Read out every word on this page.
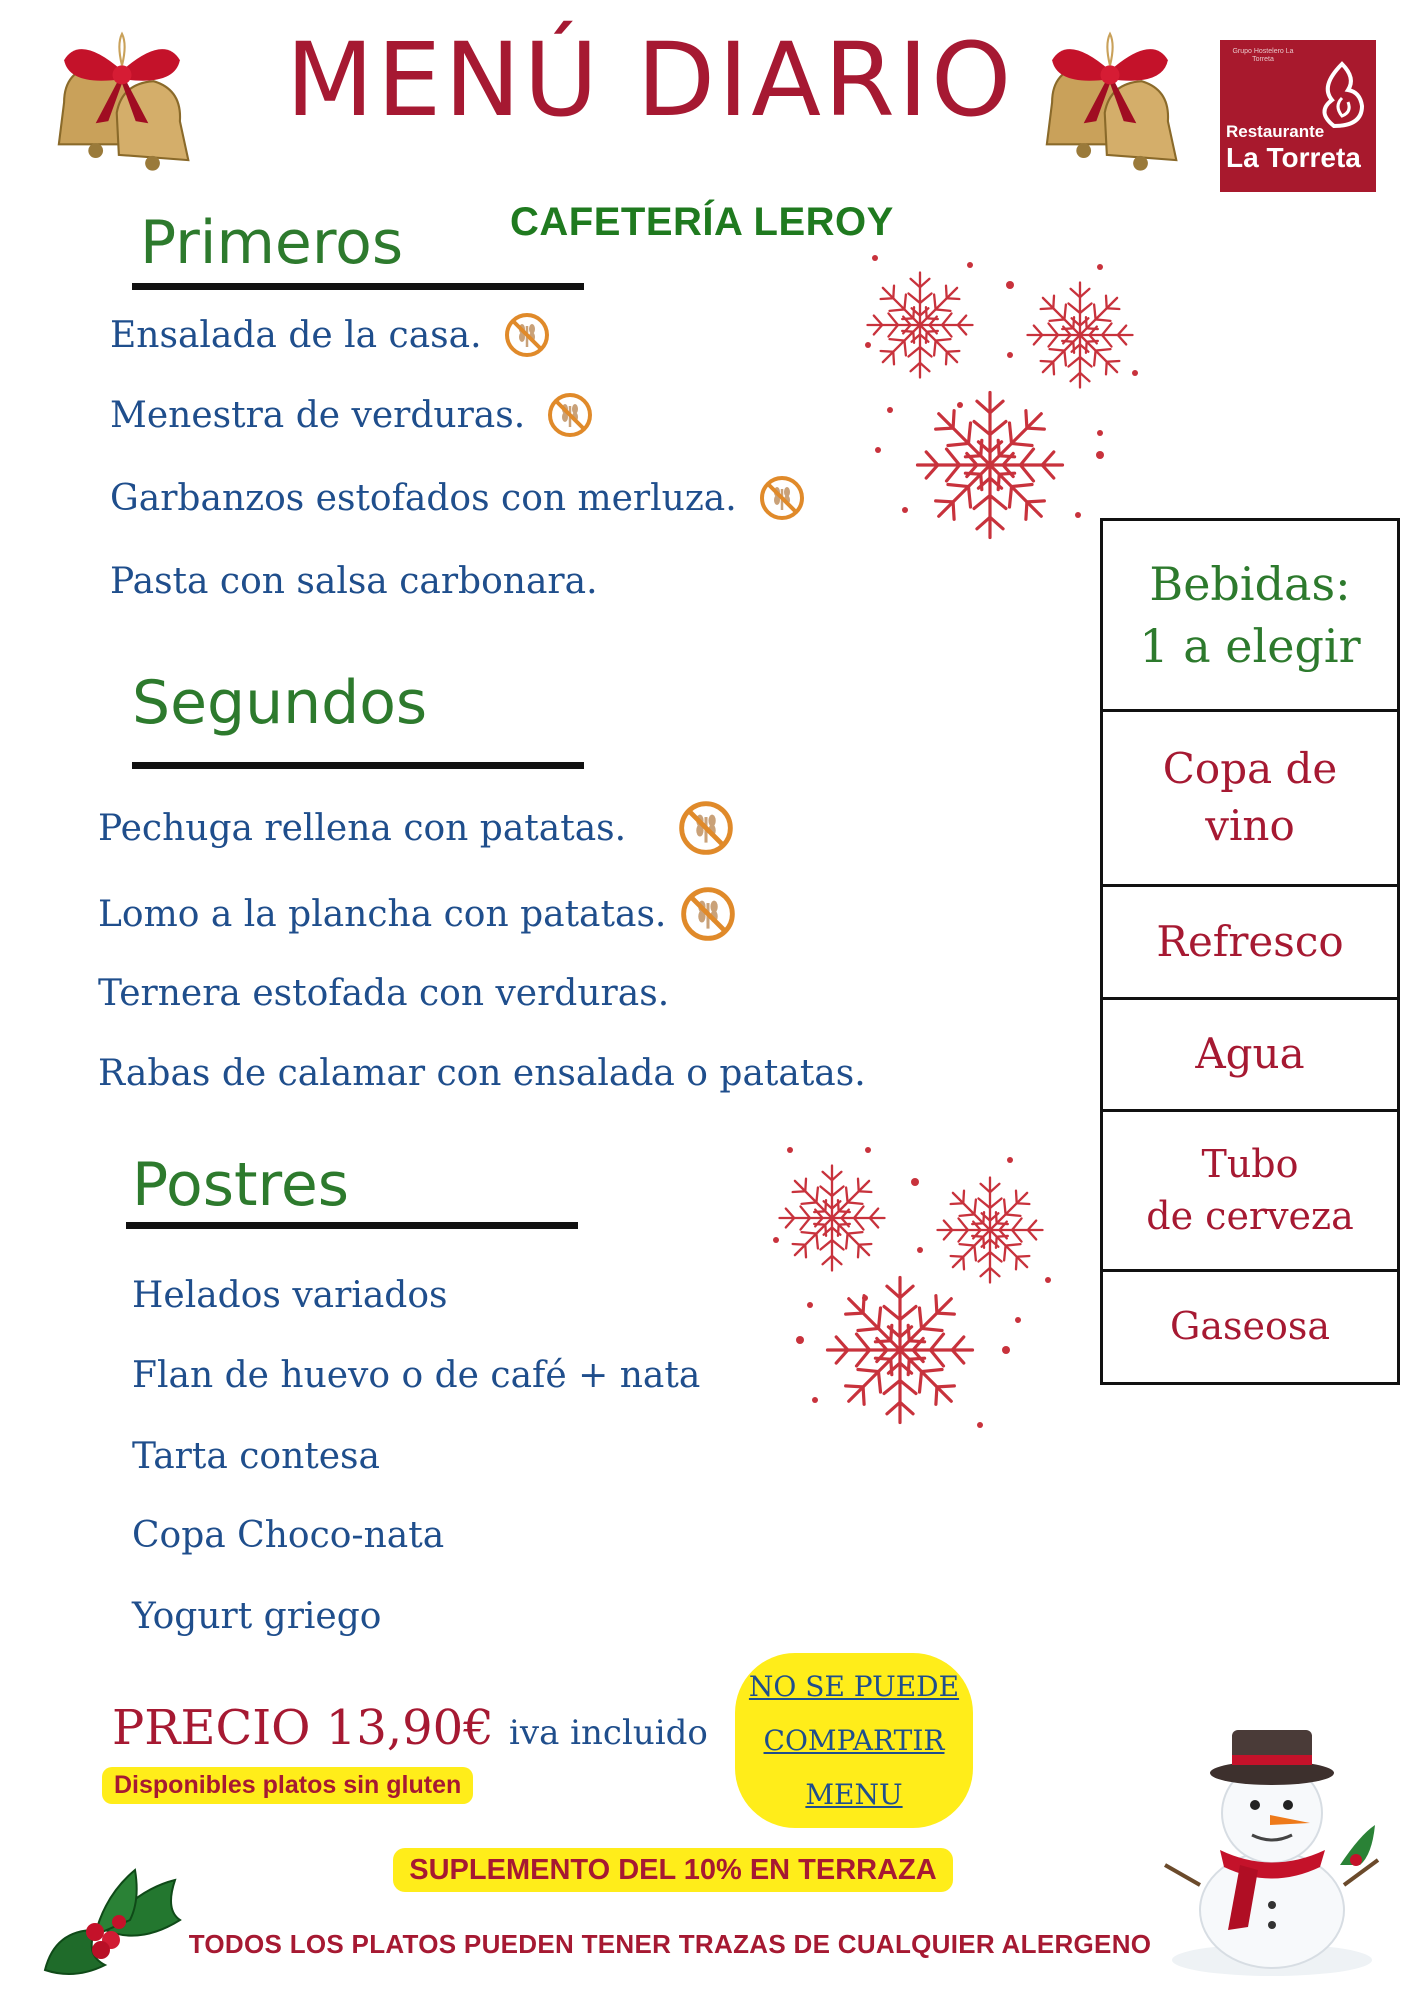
Grupo Hostelero La Torreta
Restaurante
La Torreta
MENÚ DIARIO
CAFETERÍA LEROY
Primeros
Ensalada de la casa.
Menestra de verduras.
Garbanzos estofados con merluza.
Pasta con salsa carbonara.
Segundos
Pechuga rellena con patatas.
Lomo a la plancha con patatas.
Ternera estofada con verduras.
Rabas de calamar con ensalada o patatas.
Postres
Helados variados
Flan de huevo o de café + nata
Tarta contesa
Copa Choco-nata
Yogurt griego
Bebidas:
1 a elegir
Copa de
vino
Refresco
Agua
Tubo
de cerveza
Gaseosa
PRECIO 13,90€ iva incluido
Disponibles platos sin gluten
NO SE PUEDE
COMPARTIR
MENU
SUPLEMENTO DEL 10% EN TERRAZA
TODOS LOS PLATOS PUEDEN TENER TRAZAS DE CUALQUIER ALERGENO
